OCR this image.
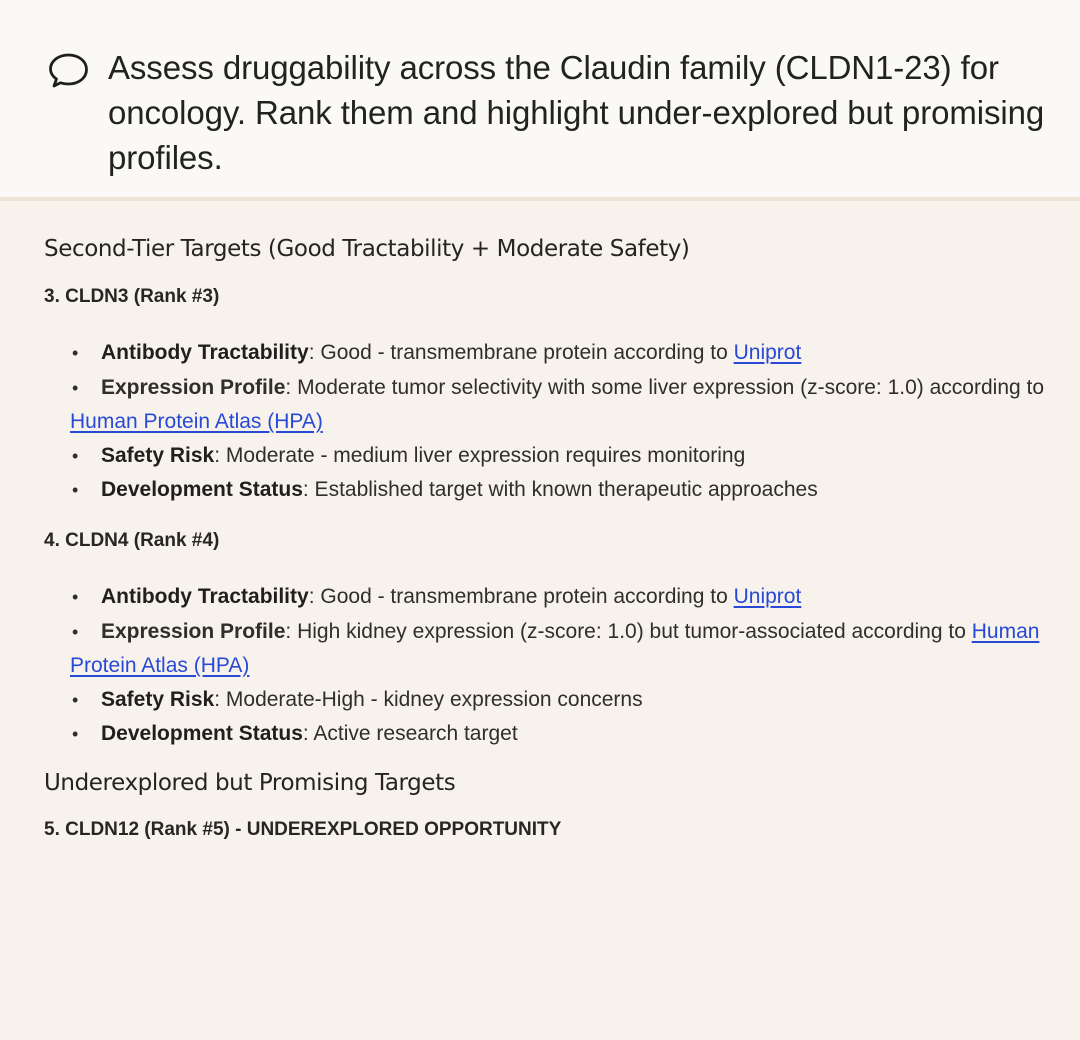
Assess druggability across the Claudin family (CLDN1-23) for oncology. Rank them and highlight under-explored but promising profiles.
Second-Tier Targets (Good Tractability + Moderate Safety)
3. CLDN3 (Rank #3)
• Antibody Tractability: Good - transmembrane protein according to Uniprot
• Expression Profile: Moderate tumor selectivity with some liver expression (z-score: 1.0) according to Human Protein Atlas (HPA)
• Safety Risk: Moderate - medium liver expression requires monitoring
• Development Status: Established target with known therapeutic approaches
4. CLDN4 (Rank #4)
• Antibody Tractability: Good - transmembrane protein according to Uniprot
• Expression Profile: High kidney expression (z-score: 1.0) but tumor-associated according to Human Protein Atlas (HPA)
• Safety Risk: Moderate-High - kidney expression concerns
• Development Status: Active research target
Underexplored but Promising Targets
5. CLDN12 (Rank #5) - UNDEREXPLORED OPPORTUNITY
